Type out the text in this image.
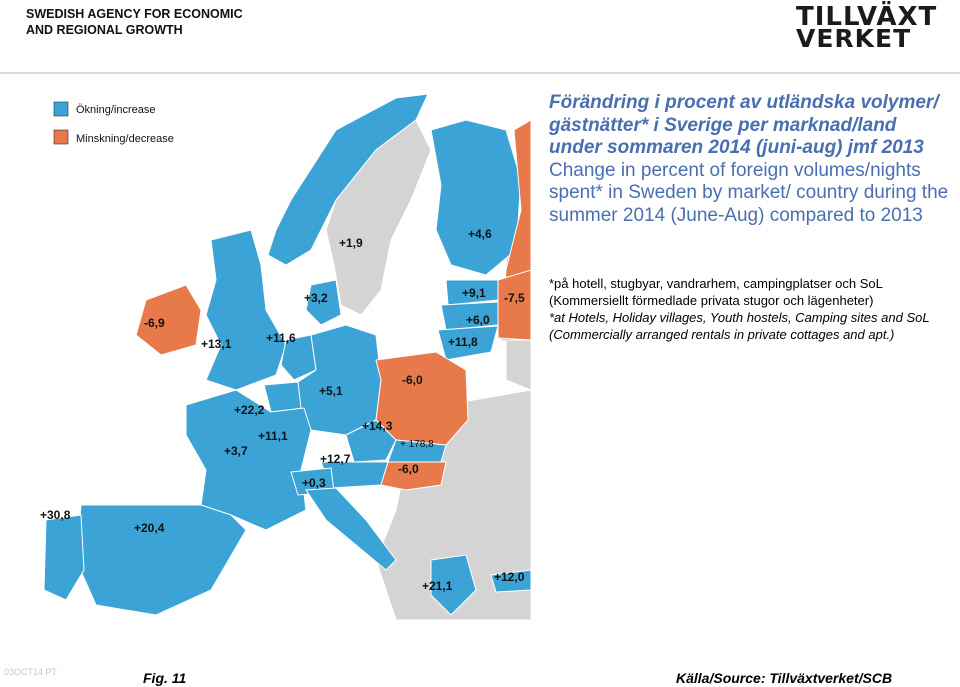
SWEDISH AGENCY FOR ECONOMIC
AND REGIONAL GROWTH	TILLVÄXT
VERKET
Ökning/increase
Minskning/decrease
+1,9
+4,6
-7,5
+9,1
+6,0
+11,8
+3,2
-6,9
+13,1	+11,6
+5,1
+22,2
-6,0
+11,1
+3,7
+14,3
+ 178,8
+12,7
-6,0
+0,3
+30,8
+20,4
+21,1
+12,0
Förändring i procent av utländska volymer/ gästnätter* i Sverige per marknad/land under sommaren 2014 (juni-aug) jmf 2013
Change in percent of foreign volumes/nights spent* in Sweden by market/ country during the summer 2014 (June-Aug) compared to 2013
*på hotell, stugbyar, vandrarhem, campingplatser och SoL (Kommersiellt förmedlade privata stugor och lägenheter)
*at Hotels, Holiday villages, Youth hostels, Camping sites and SoL (Commercially arranged rentals in private cottages and apt.)
03OCT14 PT	Fig. 11	Källa/Source: Tillväxtverket/SCB
